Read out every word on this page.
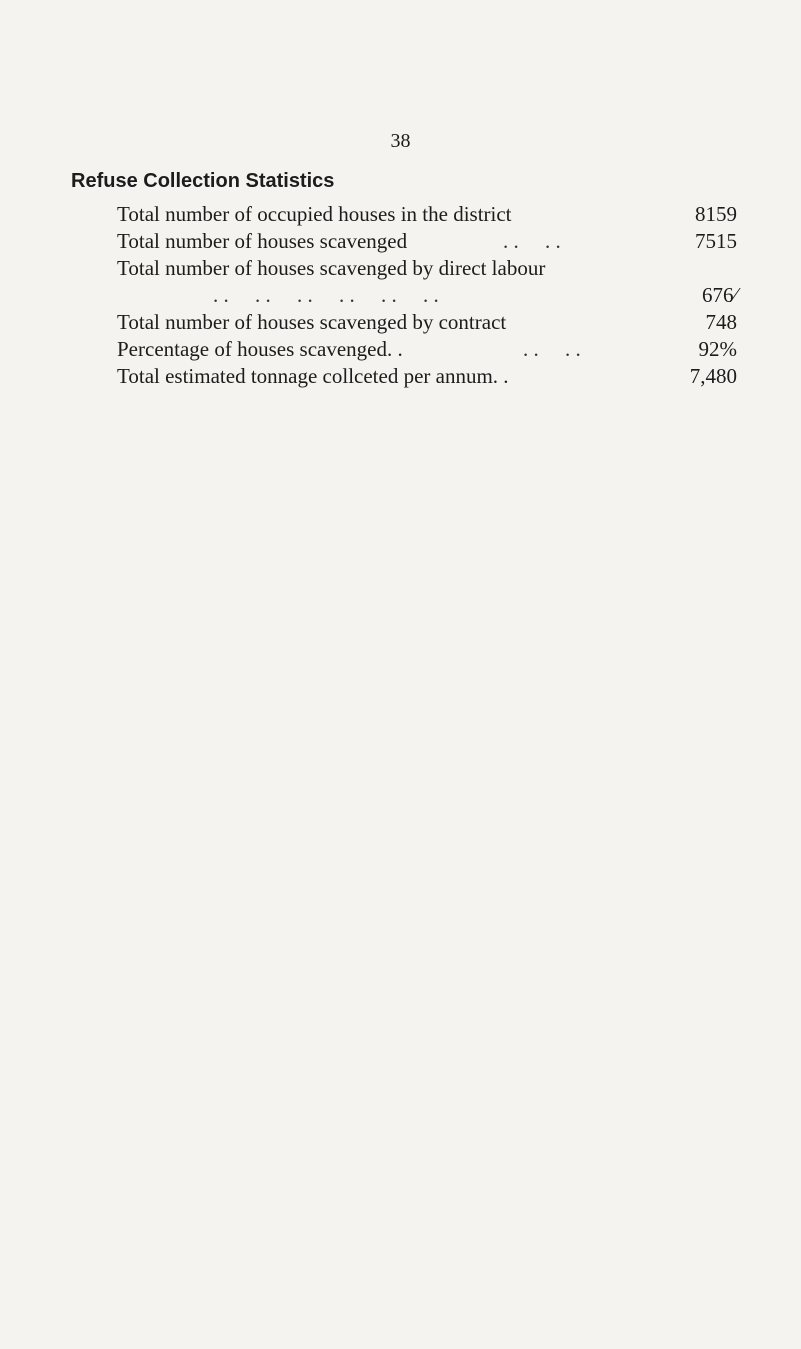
38
Refuse Collection Statistics
Total number of occupied houses in the district	8159
Total number of houses scavenged	. .     . .	7515
Total number of houses scavenged by direct labour
. .     . .     . .     . .     . .     . .	676⁄
Total number of houses scavenged by contract	748
Percentage of houses scavenged. .	. .     . .	92%
Total estimated tonnage collceted per annum. .	7,480
